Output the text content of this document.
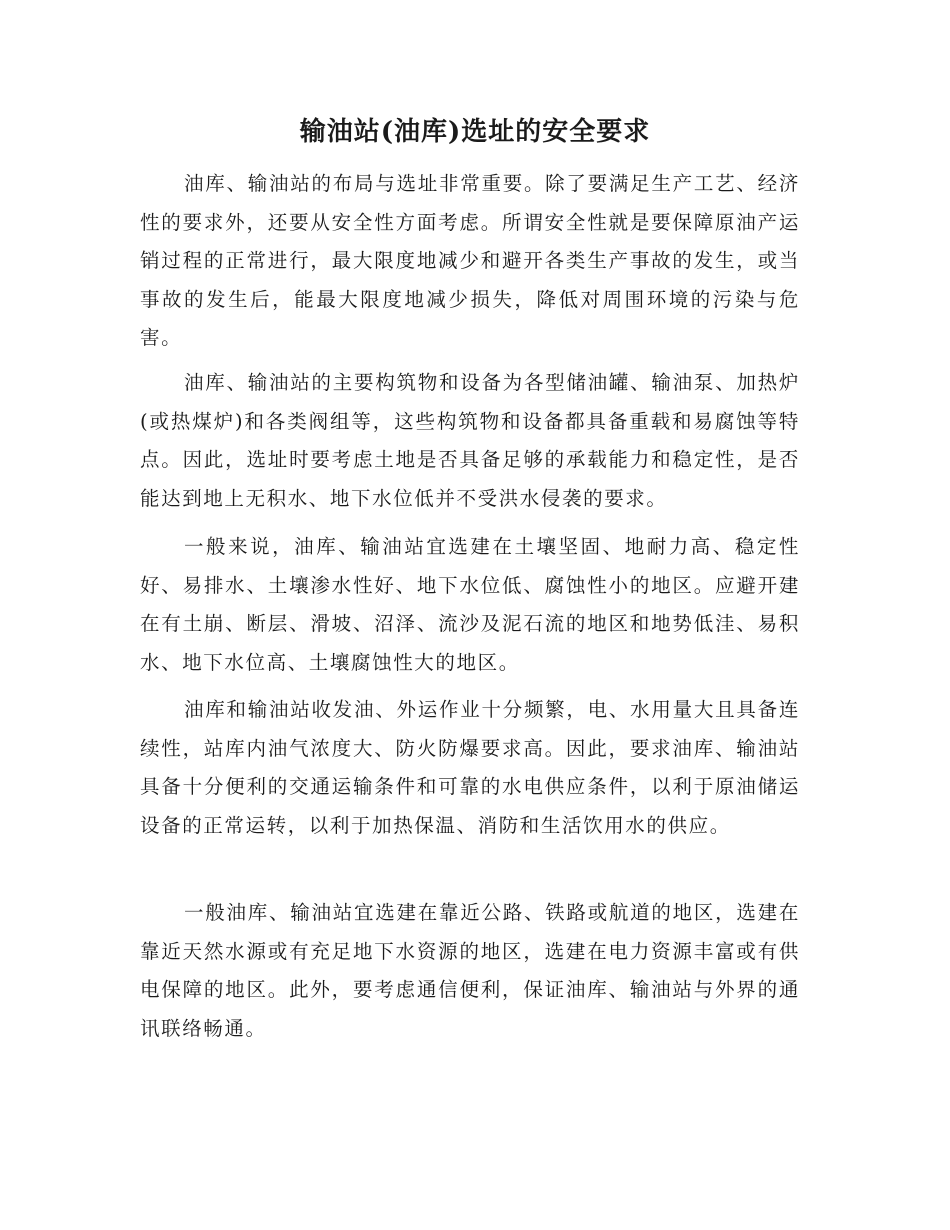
输油站(油库)选址的安全要求

油库、输油站的布局与选址非常重要。除了要满足生产工艺、经济性的要求外，还要从安全性方面考虑。所谓安全性就是要保障原油产运销过程的正常进行，最大限度地减少和避开各类生产事故的发生，或当事故的发生后，能最大限度地减少损失，降低对周围环境的污染与危害。

油库、输油站的主要构筑物和设备为各型储油罐、输油泵、加热炉(或热煤炉)和各类阀组等，这些构筑物和设备都具备重载和易腐蚀等特点。因此，选址时要考虑土地是否具备足够的承载能力和稳定性，是否能达到地上无积水、地下水位低并不受洪水侵袭的要求。

一般来说，油库、输油站宜选建在土壤坚固、地耐力高、稳定性好、易排水、土壤渗水性好、地下水位低、腐蚀性小的地区。应避开建在有土崩、断层、滑坡、沼泽、流沙及泥石流的地区和地势低洼、易积水、地下水位高、土壤腐蚀性大的地区。

油库和输油站收发油、外运作业十分频繁，电、水用量大且具备连续性，站库内油气浓度大、防火防爆要求高。因此，要求油库、输油站具备十分便利的交通运输条件和可靠的水电供应条件，以利于原油储运设备的正常运转，以利于加热保温、消防和生活饮用水的供应。

一般油库、输油站宜选建在靠近公路、铁路或航道的地区，选建在靠近天然水源或有充足地下水资源的地区，选建在电力资源丰富或有供电保障的地区。此外，要考虑通信便利，保证油库、输油站与外界的通讯联络畅通。
